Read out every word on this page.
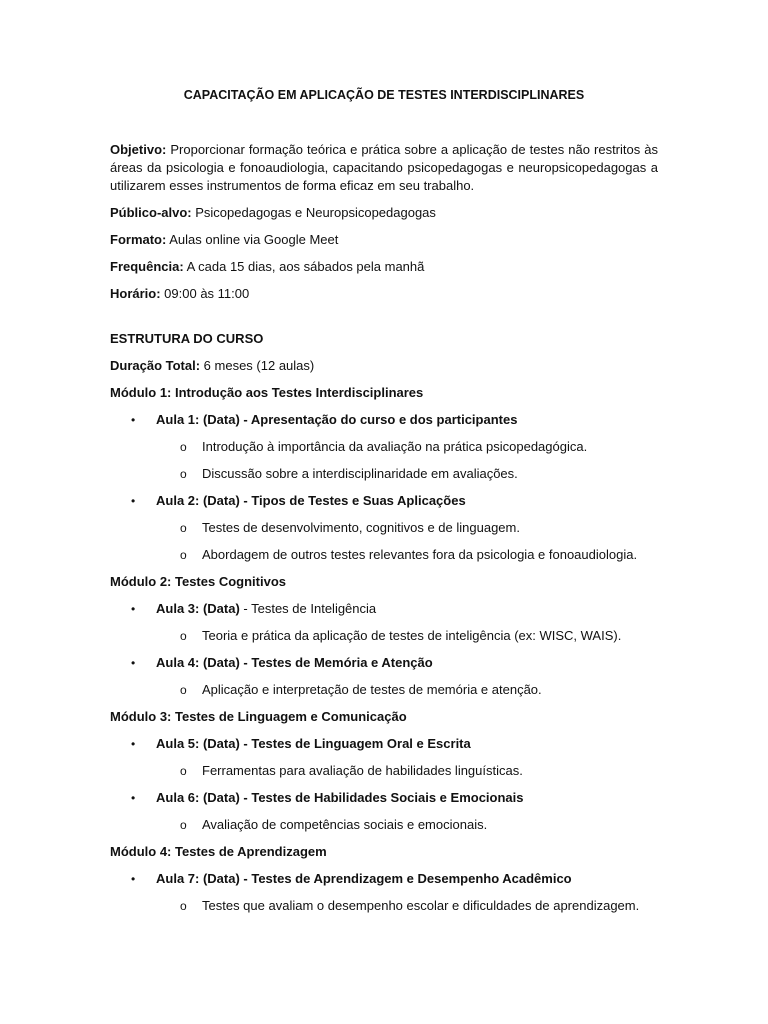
CAPACITAÇÃO EM APLICAÇÃO DE TESTES INTERDISCIPLINARES

Objetivo: Proporcionar formação teórica e prática sobre a aplicação de testes não restritos às áreas da psicologia e fonoaudiologia, capacitando psicopedagogas e neuropsicopedagogas a utilizarem esses instrumentos de forma eficaz em seu trabalho.

Público-alvo: Psicopedagogas e Neuropsicopedagogas

Formato: Aulas online via Google Meet

Frequência: A cada 15 dias, aos sábados pela manhã

Horário: 09:00 às 11:00

ESTRUTURA DO CURSO

Duração Total: 6 meses (12 aulas)

Módulo 1: Introdução aos Testes Interdisciplinares

• Aula 1: (Data) - Apresentação do curso e dos participantes
o Introdução à importância da avaliação na prática psicopedagógica.
o Discussão sobre a interdisciplinaridade em avaliações.
• Aula 2: (Data) - Tipos de Testes e Suas Aplicações
o Testes de desenvolvimento, cognitivos e de linguagem.
o Abordagem de outros testes relevantes fora da psicologia e fonoaudiologia.

Módulo 2: Testes Cognitivos

• Aula 3: (Data) - Testes de Inteligência
o Teoria e prática da aplicação de testes de inteligência (ex: WISC, WAIS).
• Aula 4: (Data) - Testes de Memória e Atenção
o Aplicação e interpretação de testes de memória e atenção.

Módulo 3: Testes de Linguagem e Comunicação

• Aula 5: (Data) - Testes de Linguagem Oral e Escrita
o Ferramentas para avaliação de habilidades linguísticas.
• Aula 6: (Data) - Testes de Habilidades Sociais e Emocionais
o Avaliação de competências sociais e emocionais.

Módulo 4: Testes de Aprendizagem

• Aula 7: (Data) - Testes de Aprendizagem e Desempenho Acadêmico
o Testes que avaliam o desempenho escolar e dificuldades de aprendizagem.
